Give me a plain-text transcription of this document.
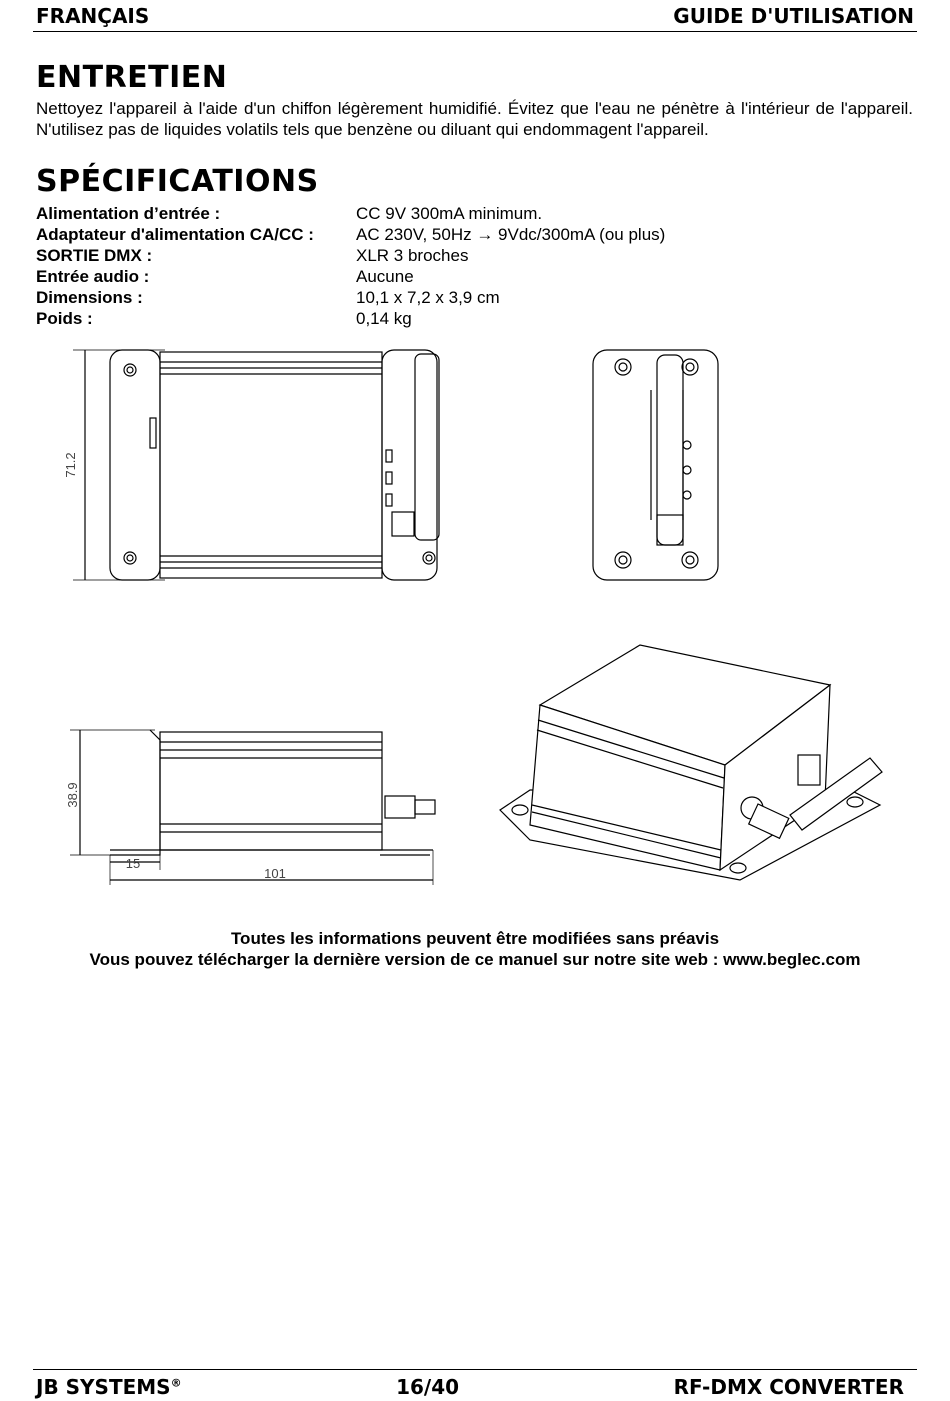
FRANÇAIS	GUIDE D'UTILISATION
ENTRETIEN
Nettoyez l'appareil à l'aide d'un chiffon légèrement humidifié. Évitez que l'eau ne pénètre à l'intérieur de l'appareil. N'utilisez pas de liquides volatils tels que benzène ou diluant qui endommagent l'appareil.
SPÉCIFICATIONS
Alimentation d’entrée :	CC 9V 300mA minimum.
Adaptateur d'alimentation CA/CC :	AC 230V, 50Hz → 9Vdc/300mA (ou plus)
SORTIE DMX :	XLR 3 broches
Entrée audio :	Aucune
Dimensions :	10,1 x 7,2 x 3,9 cm
Poids :	0,14 kg
71.2
38.9
15
101
Toutes les informations peuvent être modifiées sans préavis
Vous pouvez télécharger la dernière version de ce manuel sur notre site web : www.beglec.com
JB SYSTEMS®	16/40	RF-DMX CONVERTER
